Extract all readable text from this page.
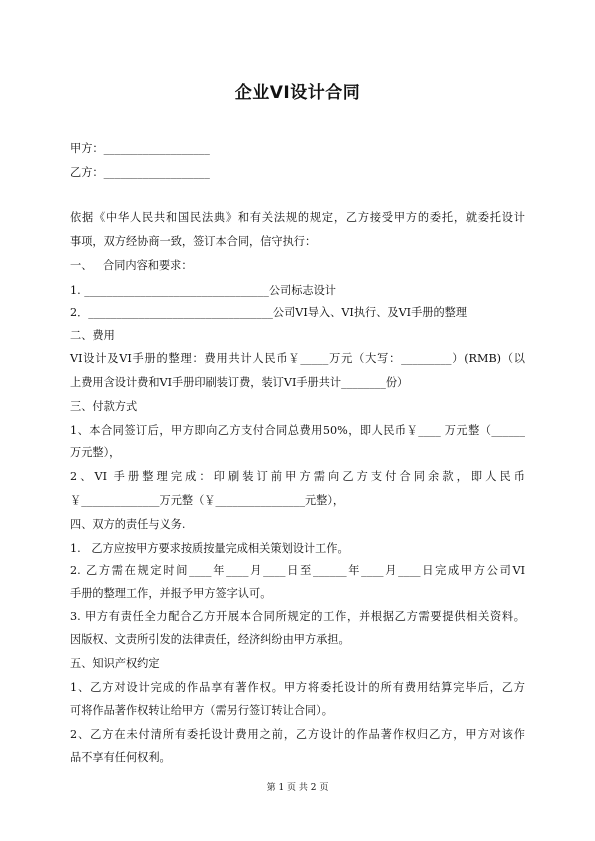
企业VI设计合同
甲方：___________________
乙方：___________________
依据《中华人民共和国民法典》和有关法规的规定，乙方接受甲方的委托，就委托设计
事项，双方经协商一致，签订本合同，信守执行：
一、   合同内容和要求：
1. _________________________________公司标志设计
2．_________________________________公司VI导入、VI执行、及VI手册的整理
二、费用
VI设计及VI手册的整理：费用共计人民币￥_____万元（大写：_________）(RMB)（以
上费用含设计费和VI手册印刷装订费，装订VI手册共计________份）
三、付款方式
1、本合同签订后，甲方即向乙方支付合同总费用50%，即人民币￥____ 万元整（______
万元整），
2、VI 手册整理完成：印刷装订前甲方需向乙方支付合同余款，即人民币
￥______________万元整（￥________________元整），
四、双方的责任与义务.
1.   乙方应按甲方要求按质按量完成相关策划设计工作。
2. 乙方需在规定时间____年____月____日至______年____月____日完成甲方公司VI
手册的整理工作，并报予甲方签字认可。
3. 甲方有责任全力配合乙方开展本合同所规定的工作，并根据乙方需要提供相关资料。
因版权、文责所引发的法律责任，经济纠纷由甲方承担。
五、知识产权约定
1、乙方对设计完成的作品享有著作权。甲方将委托设计的所有费用结算完毕后，乙方
可将作品著作权转让给甲方（需另行签订转让合同）。
2、乙方在未付清所有委托设计费用之前，乙方设计的作品著作权归乙方，甲方对该作
品不享有任何权利。
第 1 页 共 2 页
